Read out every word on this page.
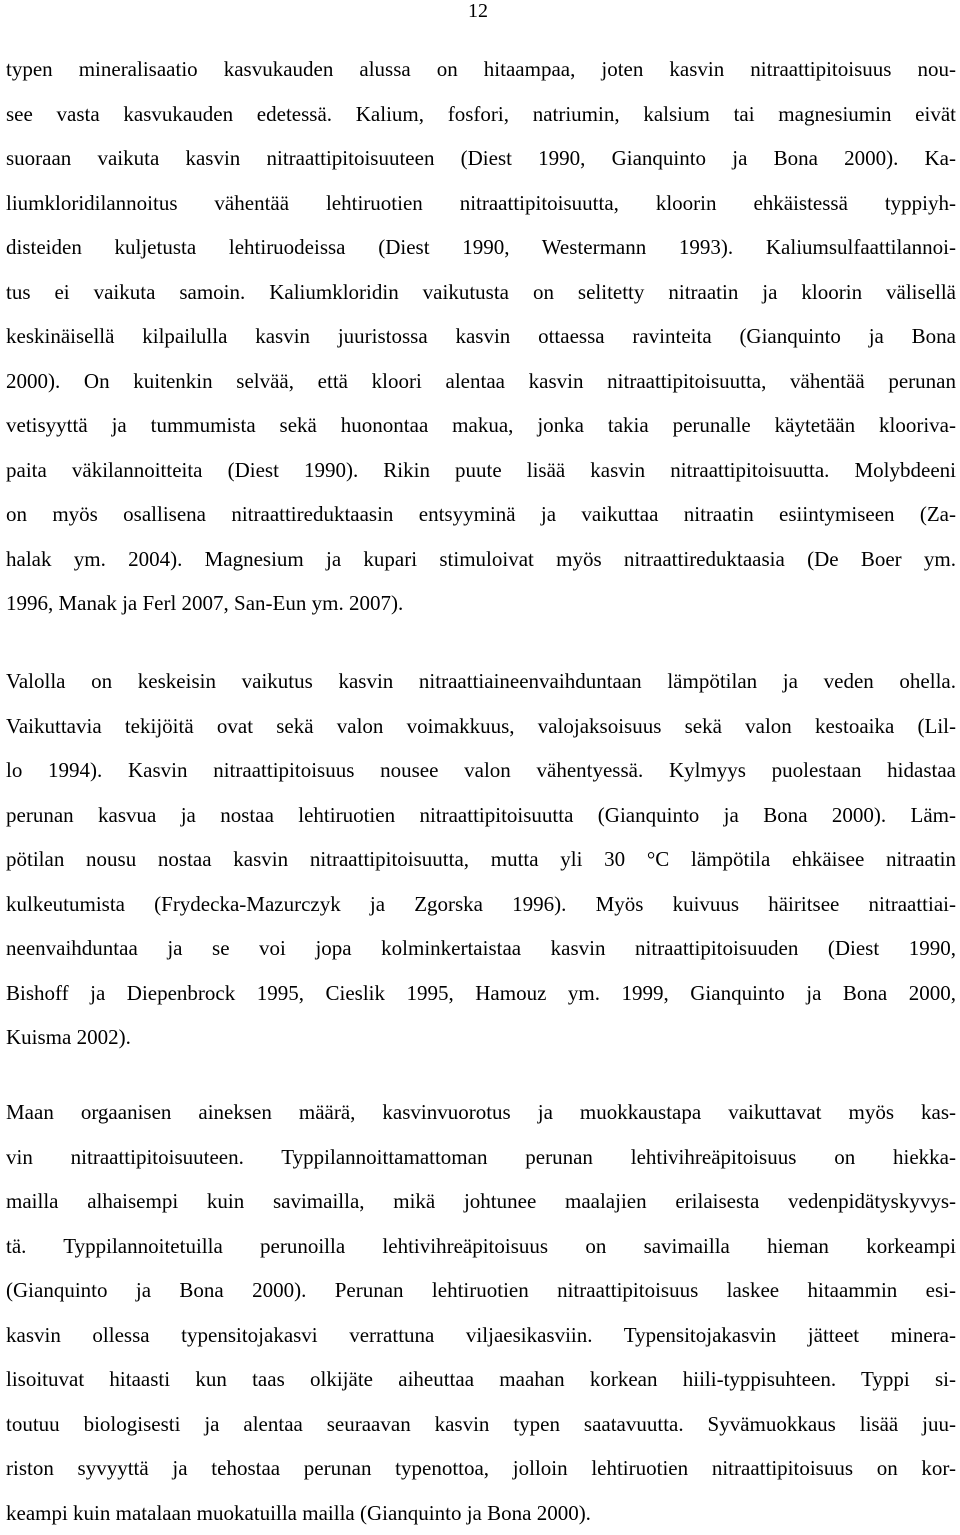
12
typen mineralisaatio kasvukauden alussa on hitaampaa, joten kasvin nitraattipitoisuus nou-
see vasta kasvukauden edetessä. Kalium, fosfori, natriumin, kalsium tai magnesiumin eivät
suoraan vaikuta kasvin nitraattipitoisuuteen (Diest 1990, Gianquinto ja Bona 2000). Ka-
liumkloridilannoitus vähentää lehtiruotien nitraattipitoisuutta, kloorin ehkäistessä typpiyh-
disteiden kuljetusta lehtiruodeissa (Diest 1990, Westermann 1993). Kaliumsulfaattilannoi-
tus ei vaikuta samoin. Kaliumkloridin vaikutusta on selitetty nitraatin ja kloorin välisellä
keskinäisellä kilpailulla kasvin juuristossa kasvin ottaessa ravinteita (Gianquinto ja Bona
2000). On kuitenkin selvää, että kloori alentaa kasvin nitraattipitoisuutta, vähentää perunan
vetisyyttä ja tummumista sekä huonontaa makua, jonka takia perunalle käytetään klooriva-
paita väkilannoitteita (Diest 1990). Rikin puute lisää kasvin nitraattipitoisuutta. Molybdeeni
on myös osallisena nitraattireduktaasin entsyyminä ja vaikuttaa nitraatin esiintymiseen (Za-
halak ym. 2004). Magnesium ja kupari stimuloivat myös nitraattireduktaasia (De Boer ym.
1996, Manak ja Ferl 2007, San-Eun ym. 2007).
Valolla on keskeisin vaikutus kasvin nitraattiaineenvaihduntaan lämpötilan ja veden ohella.
Vaikuttavia tekijöitä ovat sekä valon voimakkuus, valojaksoisuus sekä valon kestoaika (Lil-
lo 1994). Kasvin nitraattipitoisuus nousee valon vähentyessä. Kylmyys puolestaan hidastaa
perunan kasvua ja nostaa lehtiruotien nitraattipitoisuutta (Gianquinto ja Bona 2000). Läm-
pötilan nousu nostaa kasvin nitraattipitoisuutta, mutta yli 30 °C lämpötila ehkäisee nitraatin
kulkeutumista (Frydecka-Mazurczyk ja Zgorska 1996). Myös kuivuus häiritsee nitraattiai-
neenvaihduntaa ja se voi jopa kolminkertaistaa kasvin nitraattipitoisuuden (Diest 1990,
Bishoff ja Diepenbrock 1995, Cieslik 1995, Hamouz ym. 1999, Gianquinto ja Bona 2000,
Kuisma 2002).
Maan orgaanisen aineksen määrä, kasvinvuorotus ja muokkaustapa vaikuttavat myös kas-
vin nitraattipitoisuuteen. Typpilannoittamattoman perunan lehtivihreäpitoisuus on hiekka-
mailla alhaisempi kuin savimailla, mikä johtunee maalajien erilaisesta vedenpidätyskyvys-
tä. Typpilannoitetuilla perunoilla lehtivihreäpitoisuus on savimailla hieman korkeampi
(Gianquinto ja Bona 2000). Perunan lehtiruotien nitraattipitoisuus laskee hitaammin esi-
kasvin ollessa typensitojakasvi verrattuna viljaesikasviin. Typensitojakasvin jätteet minera-
lisoituvat hitaasti kun taas olkijäte aiheuttaa maahan korkean hiili-typpisuhteen. Typpi si-
toutuu biologisesti ja alentaa seuraavan kasvin typen saatavuutta. Syvämuokkaus lisää juu-
riston syvyyttä ja tehostaa perunan typenottoa, jolloin lehtiruotien nitraattipitoisuus on kor-
keampi kuin matalaan muokatuilla mailla (Gianquinto ja Bona 2000).
